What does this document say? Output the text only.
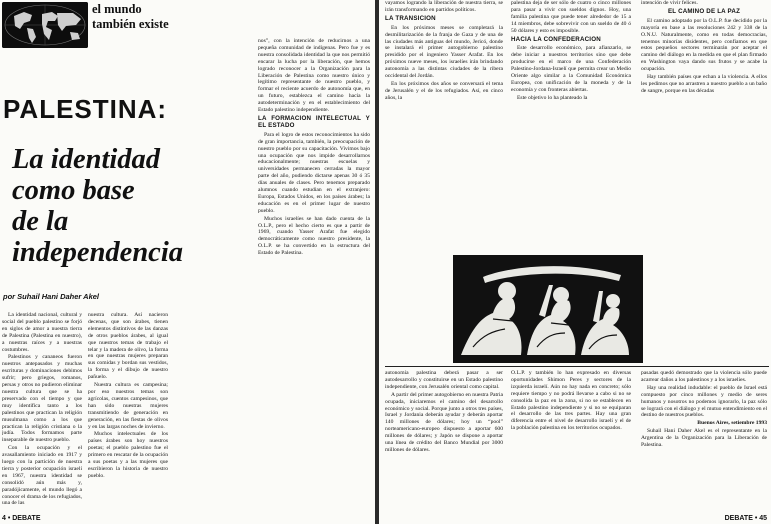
el mundo
también existe
PALESTINA:
La identidad
como base
de la
independencia
por Suhail Hani Daher Akel

nos”, con la intención de reducirnos a una pequeña comunidad de indígenas. Pero fue y es nuestra consolidada identidad la que nos permitió encarar la lucha por la liberación, que hemos logrado reconocer a la Organización para la Liberación de Palestina como nuestro único y legítimo representante de nuestro pueblo, y formar el reciente acuerdo de autonomía que, en un futuro, establezca el camino hacia la autodeterminación y en el establecimiento del Estado palestino independiente.

LA FORMACION INTELECTUAL Y EL ESTADO

Para el logro de estos reconocimientos ha sido de gran importancia, también, la preocupación de nuestro pueblo por su capacitación. Vivimos bajo una ocupación que nos impide desarrollarnos educacionalmente; nuestras escuelas y universidades permanecen cerradas la mayor parte del año, pudiendo dictarse apenas 30 ó 35 días anuales de clases. Pero tenemos preparado alumnos cuando estudian en el extranjero: Europa, Estados Unidos, en los países árabes; la educación es en el primer lugar de nuestro pueblo.

Muchos israelíes se han dado cuenta de la O.L.P., pero el hecho cierto es que a partir de 1969, cuando Yasser Arafat fue elegido democráticamente como nuestro presidente, la O.L.P. se ha convertido en la estructura del Estado de Palestina.

La identidad nacional, cultural y social del pueblo palestino se forjó en siglos de amor a nuestra tierra de Palestina (Palestina en nuestro), a nuestras raíces y a nuestras costumbres.

Palestinos y cananeos fueron nuestros antepasados y muchas escrituras y dominaciones debimos sufrir; pero griegos, romanos, persas y otros no pudieron eliminar nuestra cultura que se ha preservado con el tiempo y que muy identifica tanto a los palestinos que practican la religión musulmana como a los que practican la religión cristiana o la judía. Todos formamos parte inseparable de nuestro pueblo.

Con la ocupación y el avasallamiento iniciado en 1917 y luego con la partición de nuestra tierra y posterior ocupación israelí en 1967, nuestra identidad se consolidó aún más y, paradójicamente, el mundo llegó a conocer el drama de los refugiados, una de las

nuestra cultura. Así nacieron decenas, que son árabes, tienen elementos distintivos de las danzas de otros pueblos árabes, al igual que nuestros temas de trabajo el telar y la madera de olivo, la forma en que nuestras mujeres preparan sus comidas y bordan sus vestidos, la forma y el dibujo de nuestro pañuelo.

Nuestra cultura es campesina; por eso nuestros temas son agrícolas, cuentos campesinos, que han sido nuestras mujeres transmitiendo de generación en generación, en las fiestas de olivos y en las largas noches de invierno.

Muchos intelectuales de los países árabes son hoy nuestros poetas; el pueblo palestino fue el primero en rescatar de la ocupación a sus poetas y a las mujeres que escribieron la historia de nuestro pueblo.

4 • DEBATE

vayamos logrando la liberación de nuestra tierra, se irán transformando en partidos políticos.

LA TRANSICION

En los próximos meses se completará la desmilitarización de la franja de Gaza y de una de las ciudades más antiguas del mundo, Jericó, donde se instalará el primer autogobierno palestino presidido por el ingeniero Yasser Arafat. En los próximos nueve meses, los israelíes irán brindando autonomía a las distintas ciudades de la ribera occidental del Jordán.

En los próximos dos años se conversará el tema de Jerusalén y el de los refugiados. Así, en cinco años, la

palestina deja de ser sólo de cuatro o cinco millones para pasar a vivir con sueldos dignos. Hoy, una familia palestina que puede tener alrededor de 15 a 14 miembros, debe sobrevivir con un sueldo de 40 ó 50 dólares y esto es imposible.

HACIA LA CONFEDERACION

Este desarrollo económico, para afianzarlo, se debe iniciar a nuestros territorios sino que debe producirse en el marco de una Confederación Palestino-Jordana-Israelí que permita crear un Medio Oriente algo similar a la Comunidad Económica Europea, con unificación de la moneda y de la economía y con fronteras abiertas.

Este objetivo lo ha planteado la

intención de vivir felices.

EL CAMINO DE LA PAZ

El camino adoptado por la O.L.P. fue decidido por la mayoría en base a las resoluciones 242 y 338 de la O.N.U. Naturalmente, como en todas democracias, tenemos minorías disidentes, pero confiamos en que estos pequeños sectores terminarán por aceptar el camino del diálogo en la medida en que el plan firmado en Washington vaya dando sus frutos y se acabe la ocupación.

Hay también países que echan a la violencia. A ellos les pedimos que no arrastren a nuestro pueblo a un baño de sangre, porque en las décadas

autonomía palestina deberá pasar a ser autodesarrollo y constituirse en un Estado palestino independiente, con Jerusalén oriental como capital.

A partir del primer autogobierno en nuestra Patria ocupada, iniciaremos el camino del desarrollo económico y social. Porque junto a otros tres países, Israel y Jordania deberán ayudar y deberán aportar 140 millones de dólares; hoy un “pool” norteamericano-europeo dispuesto a aportar 600 millones de dólares; y Japón se dispone a aportar una línea de crédito del Banco Mundial por 3000 millones de dólares.

O.L.P. y también lo han expresado en diversas oportunidades Shimon Peres y sectores de la izquierda israelí. Aún no hay nada en concreto; sólo requiere tiempo y no podrá llevarse a cabo si no se consolida la paz en la zona, si no se establecen en Estado palestino independiente y si no se equiparan el desarrollo de las tres partes. Hay una gran diferencia entre el nivel de desarrollo israelí y el de la población palestina en los territorios ocupados.

pasadas quedó demostrado que la violencia sólo puede acarrear daños a los palestinos y a los israelíes.

Hay una realidad indudable: el pueblo de Israel está compuesto por cinco millones y medio de seres humanos y nosotros no podemos ignorarlo, la paz sólo se logrará con el diálogo y el mutuo entendimiento en el destino de nuestros pueblos.

Buenos Aires, setiembre 1993

Suhail Hani Daher Akel es el representante en la Argentina de la Organización para la Liberación de Palestina.

DEBATE • 45
